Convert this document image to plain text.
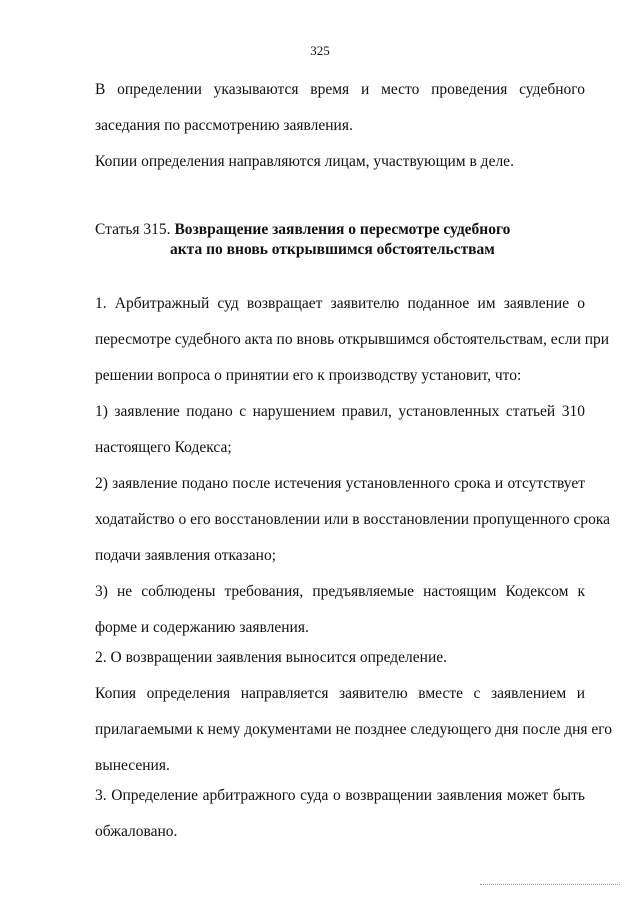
325
В определении указываются время и место проведения судебного
заседания по рассмотрению заявления.
Копии определения направляются лицам, участвующим в деле.
Статья 315. Возвращение заявления о пересмотре судебного
акта по вновь открывшимся обстоятельствам
1. Арбитражный суд возвращает заявителю поданное им заявление о
пересмотре судебного акта по вновь открывшимся обстоятельствам, если при
решении вопроса о принятии его к производству установит, что:
1) заявление подано с нарушением правил, установленных статьей 310
настоящего Кодекса;
2) заявление подано после истечения установленного срока и отсутствует
ходатайство о его восстановлении или в восстановлении пропущенного срока
подачи заявления отказано;
3) не соблюдены требования, предъявляемые настоящим Кодексом к
форме и содержанию заявления.
2. О возвращении заявления выносится определение.
Копия определения направляется заявителю вместе с заявлением и
прилагаемыми к нему документами не позднее следующего дня после дня его
вынесения.
3. Определение арбитражного суда о возвращении заявления может быть
обжаловано.
